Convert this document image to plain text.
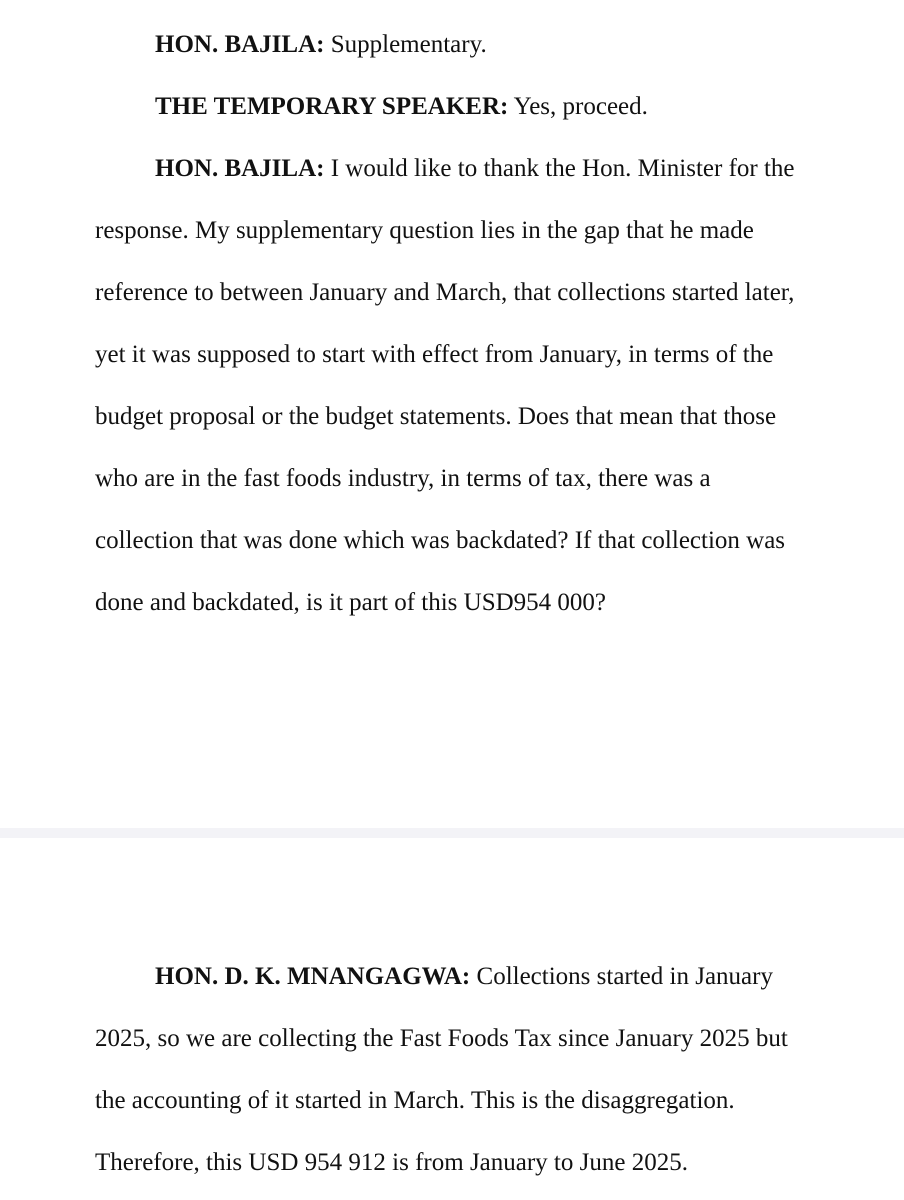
HON. BAJILA: Supplementary.

THE TEMPORARY SPEAKER: Yes, proceed.

HON. BAJILA: I would like to thank the Hon. Minister for the
response. My supplementary question lies in the gap that he made
reference to between January and March, that collections started later,
yet it was supposed to start with effect from January, in terms of the
budget proposal or the budget statements. Does that mean that those
who are in the fast foods industry, in terms of tax, there was a
collection that was done which was backdated? If that collection was
done and backdated, is it part of this USD954 000?

HON. D. K. MNANGAGWA: Collections started in January
2025, so we are collecting the Fast Foods Tax since January 2025 but
the accounting of it started in March. This is the disaggregation.
Therefore, this USD 954 912 is from January to June 2025.
